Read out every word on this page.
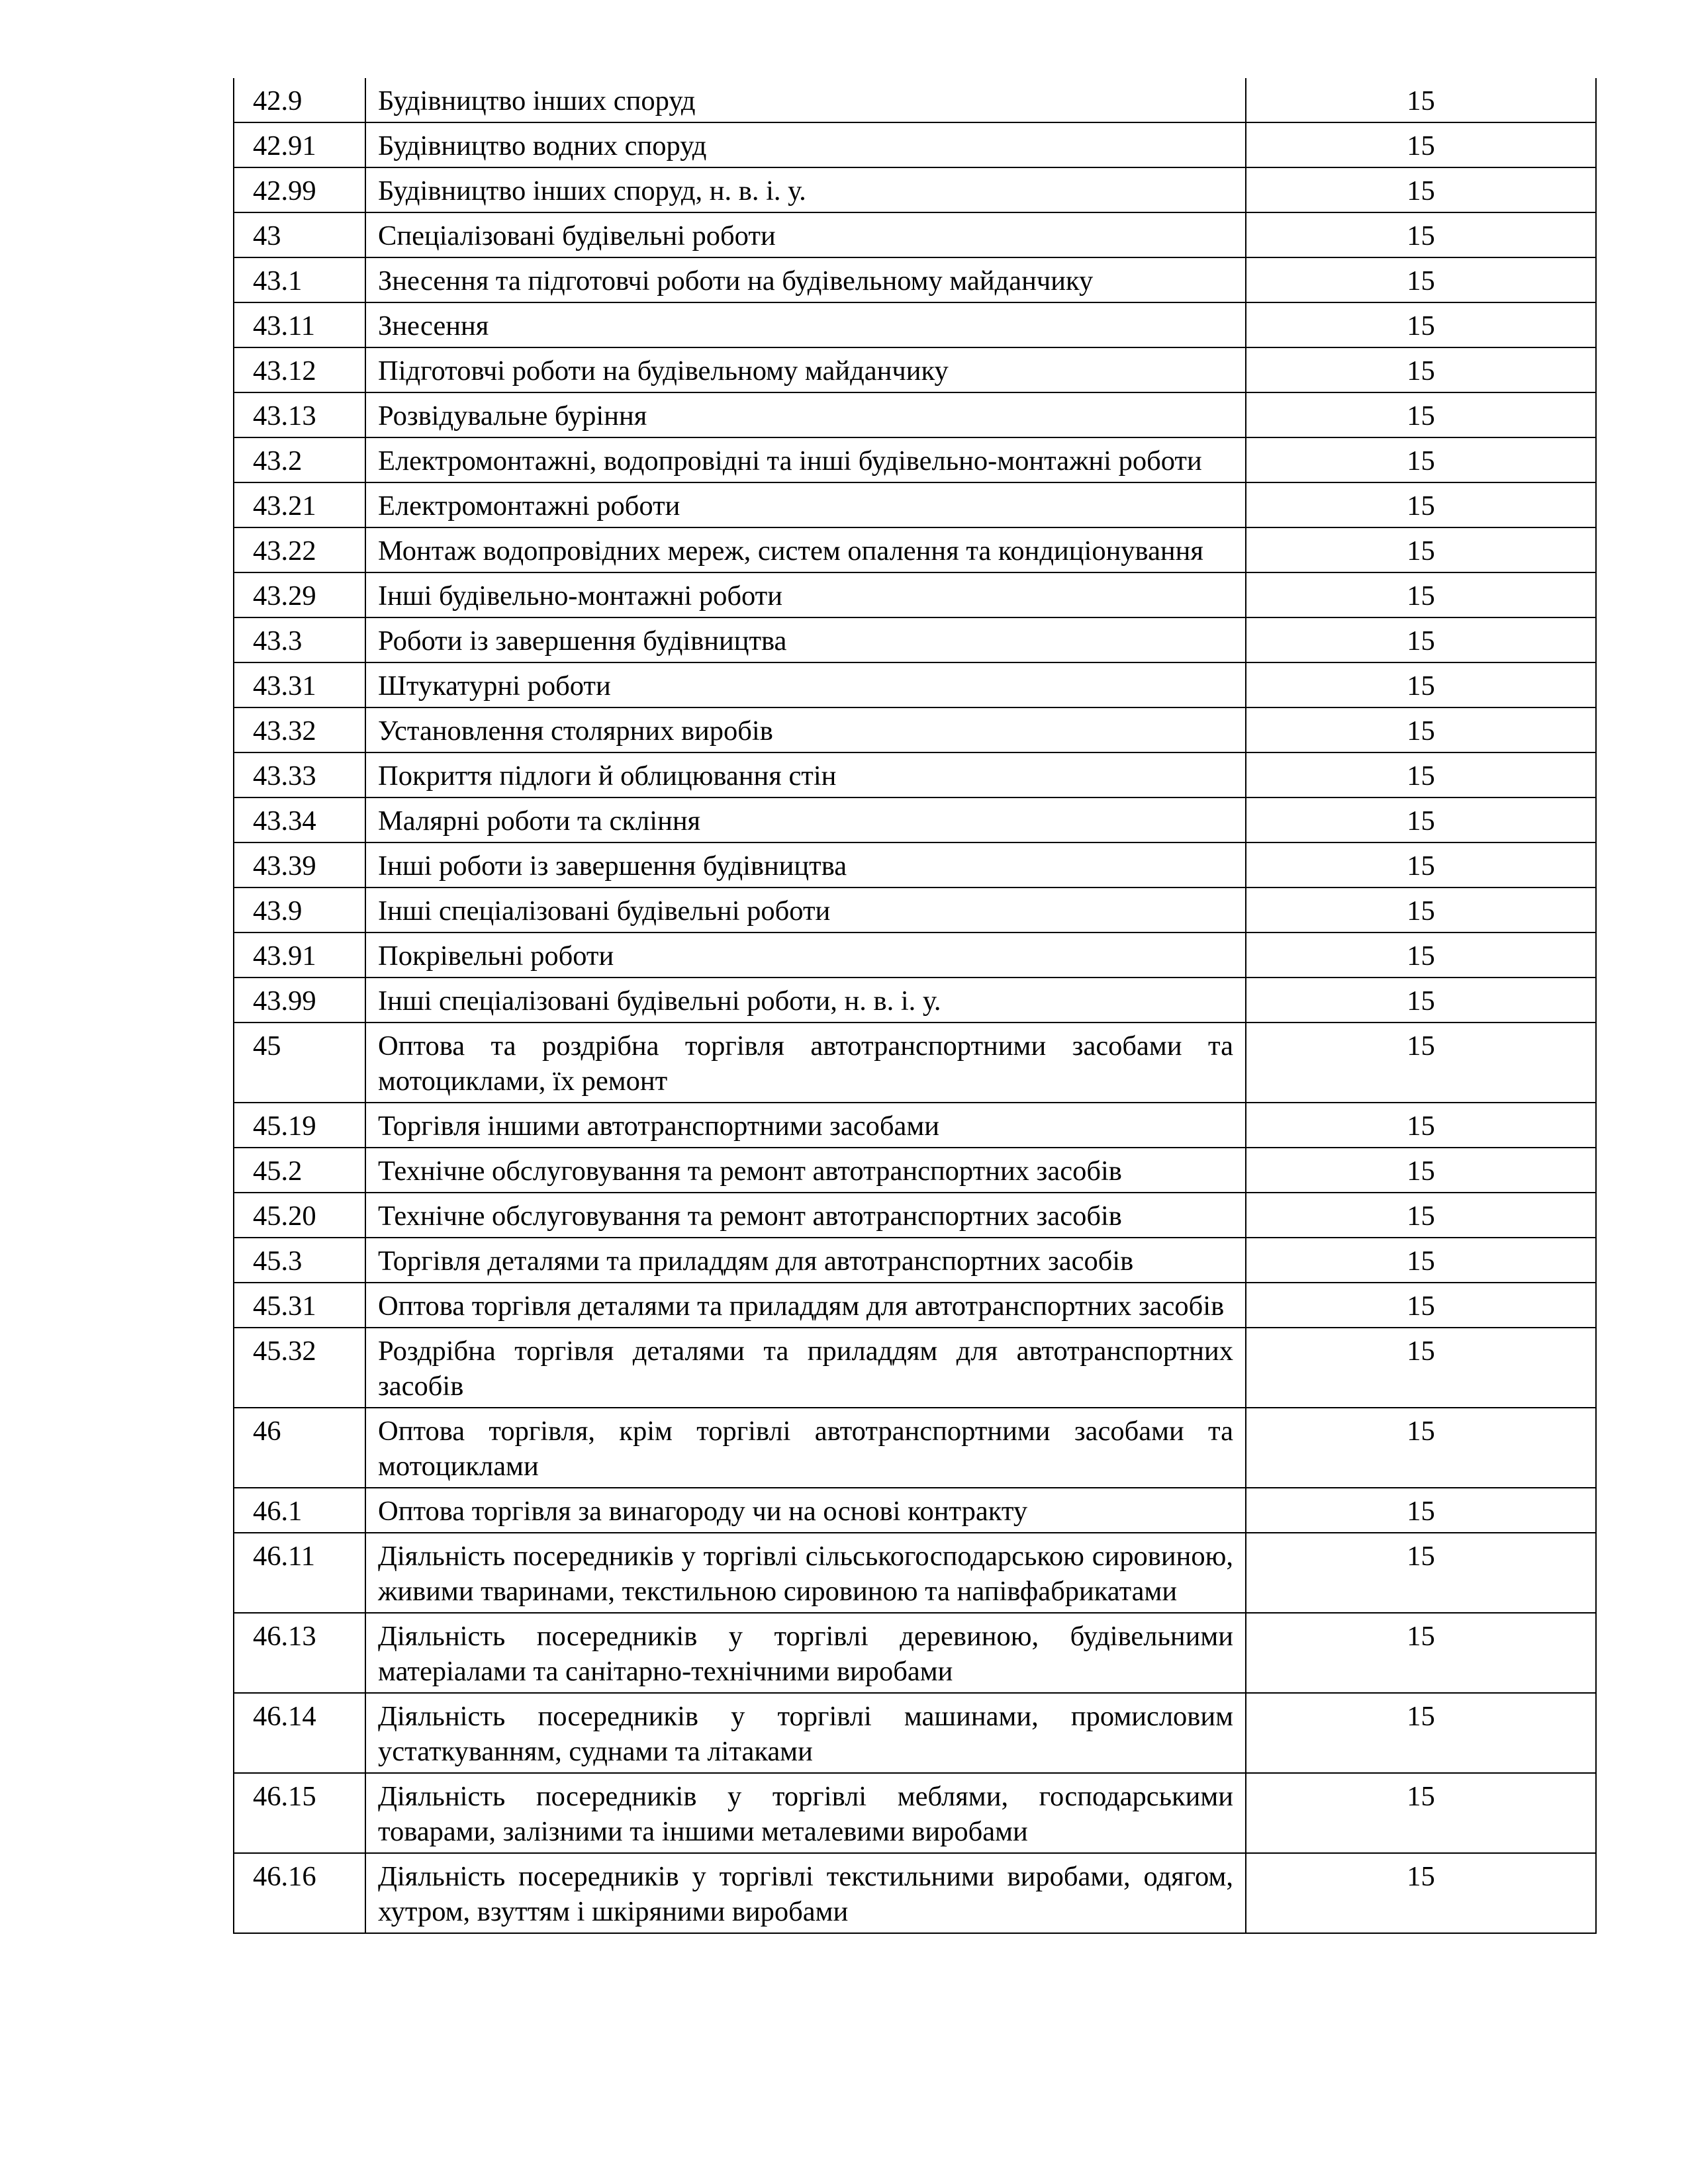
42.9	Будівництво інших споруд	15
42.91	Будівництво водних споруд	15
42.99	Будівництво інших споруд, н. в. і. у.	15
43	Спеціалізовані будівельні роботи	15
43.1	Знесення та підготовчі роботи на будівельному майданчику	15
43.11	Знесення	15
43.12	Підготовчі роботи на будівельному майданчику	15
43.13	Розвідувальне буріння	15
43.2	Електромонтажні, водопровідні та інші будівельно-монтажні роботи	15
43.21	Електромонтажні роботи	15
43.22	Монтаж водопровідних мереж, систем опалення та кондиціонування	15
43.29	Інші будівельно-монтажні роботи	15
43.3	Роботи із завершення будівництва	15
43.31	Штукатурні роботи	15
43.32	Установлення столярних виробів	15
43.33	Покриття підлоги й облицювання стін	15
43.34	Малярні роботи та скління	15
43.39	Інші роботи із завершення будівництва	15
43.9	Інші спеціалізовані будівельні роботи	15
43.91	Покрівельні роботи	15
43.99	Інші спеціалізовані будівельні роботи, н. в. і. у.	15
45	Оптова та роздрібна торгівля автотранспортними засобами та мотоциклами, їх ремонт	15
45.19	Торгівля іншими автотранспортними засобами	15
45.2	Технічне обслуговування та ремонт автотранспортних засобів	15
45.20	Технічне обслуговування та ремонт автотранспортних засобів	15
45.3	Торгівля деталями та приладдям для автотранспортних засобів	15
45.31	Оптова торгівля деталями та приладдям для автотранспортних засобів	15
45.32	Роздрібна торгівля деталями та приладдям для автотранспортних засобів	15
46	Оптова торгівля, крім торгівлі автотранспортними засобами та мотоциклами	15
46.1	Оптова торгівля за винагороду чи на основі контракту	15
46.11	Діяльність посередників у торгівлі сільськогосподарською сировиною, живими тваринами, текстильною сировиною та напівфабрикатами	15
46.13	Діяльність посередників у торгівлі деревиною, будівельними матеріалами та санітарно-технічними виробами	15
46.14	Діяльність посередників у торгівлі машинами, промисловим устаткуванням, суднами та літаками	15
46.15	Діяльність посередників у торгівлі меблями, господарськими товарами, залізними та іншими металевими виробами	15
46.16	Діяльність посередників у торгівлі текстильними виробами, одягом, хутром, взуттям і шкіряними виробами	15
